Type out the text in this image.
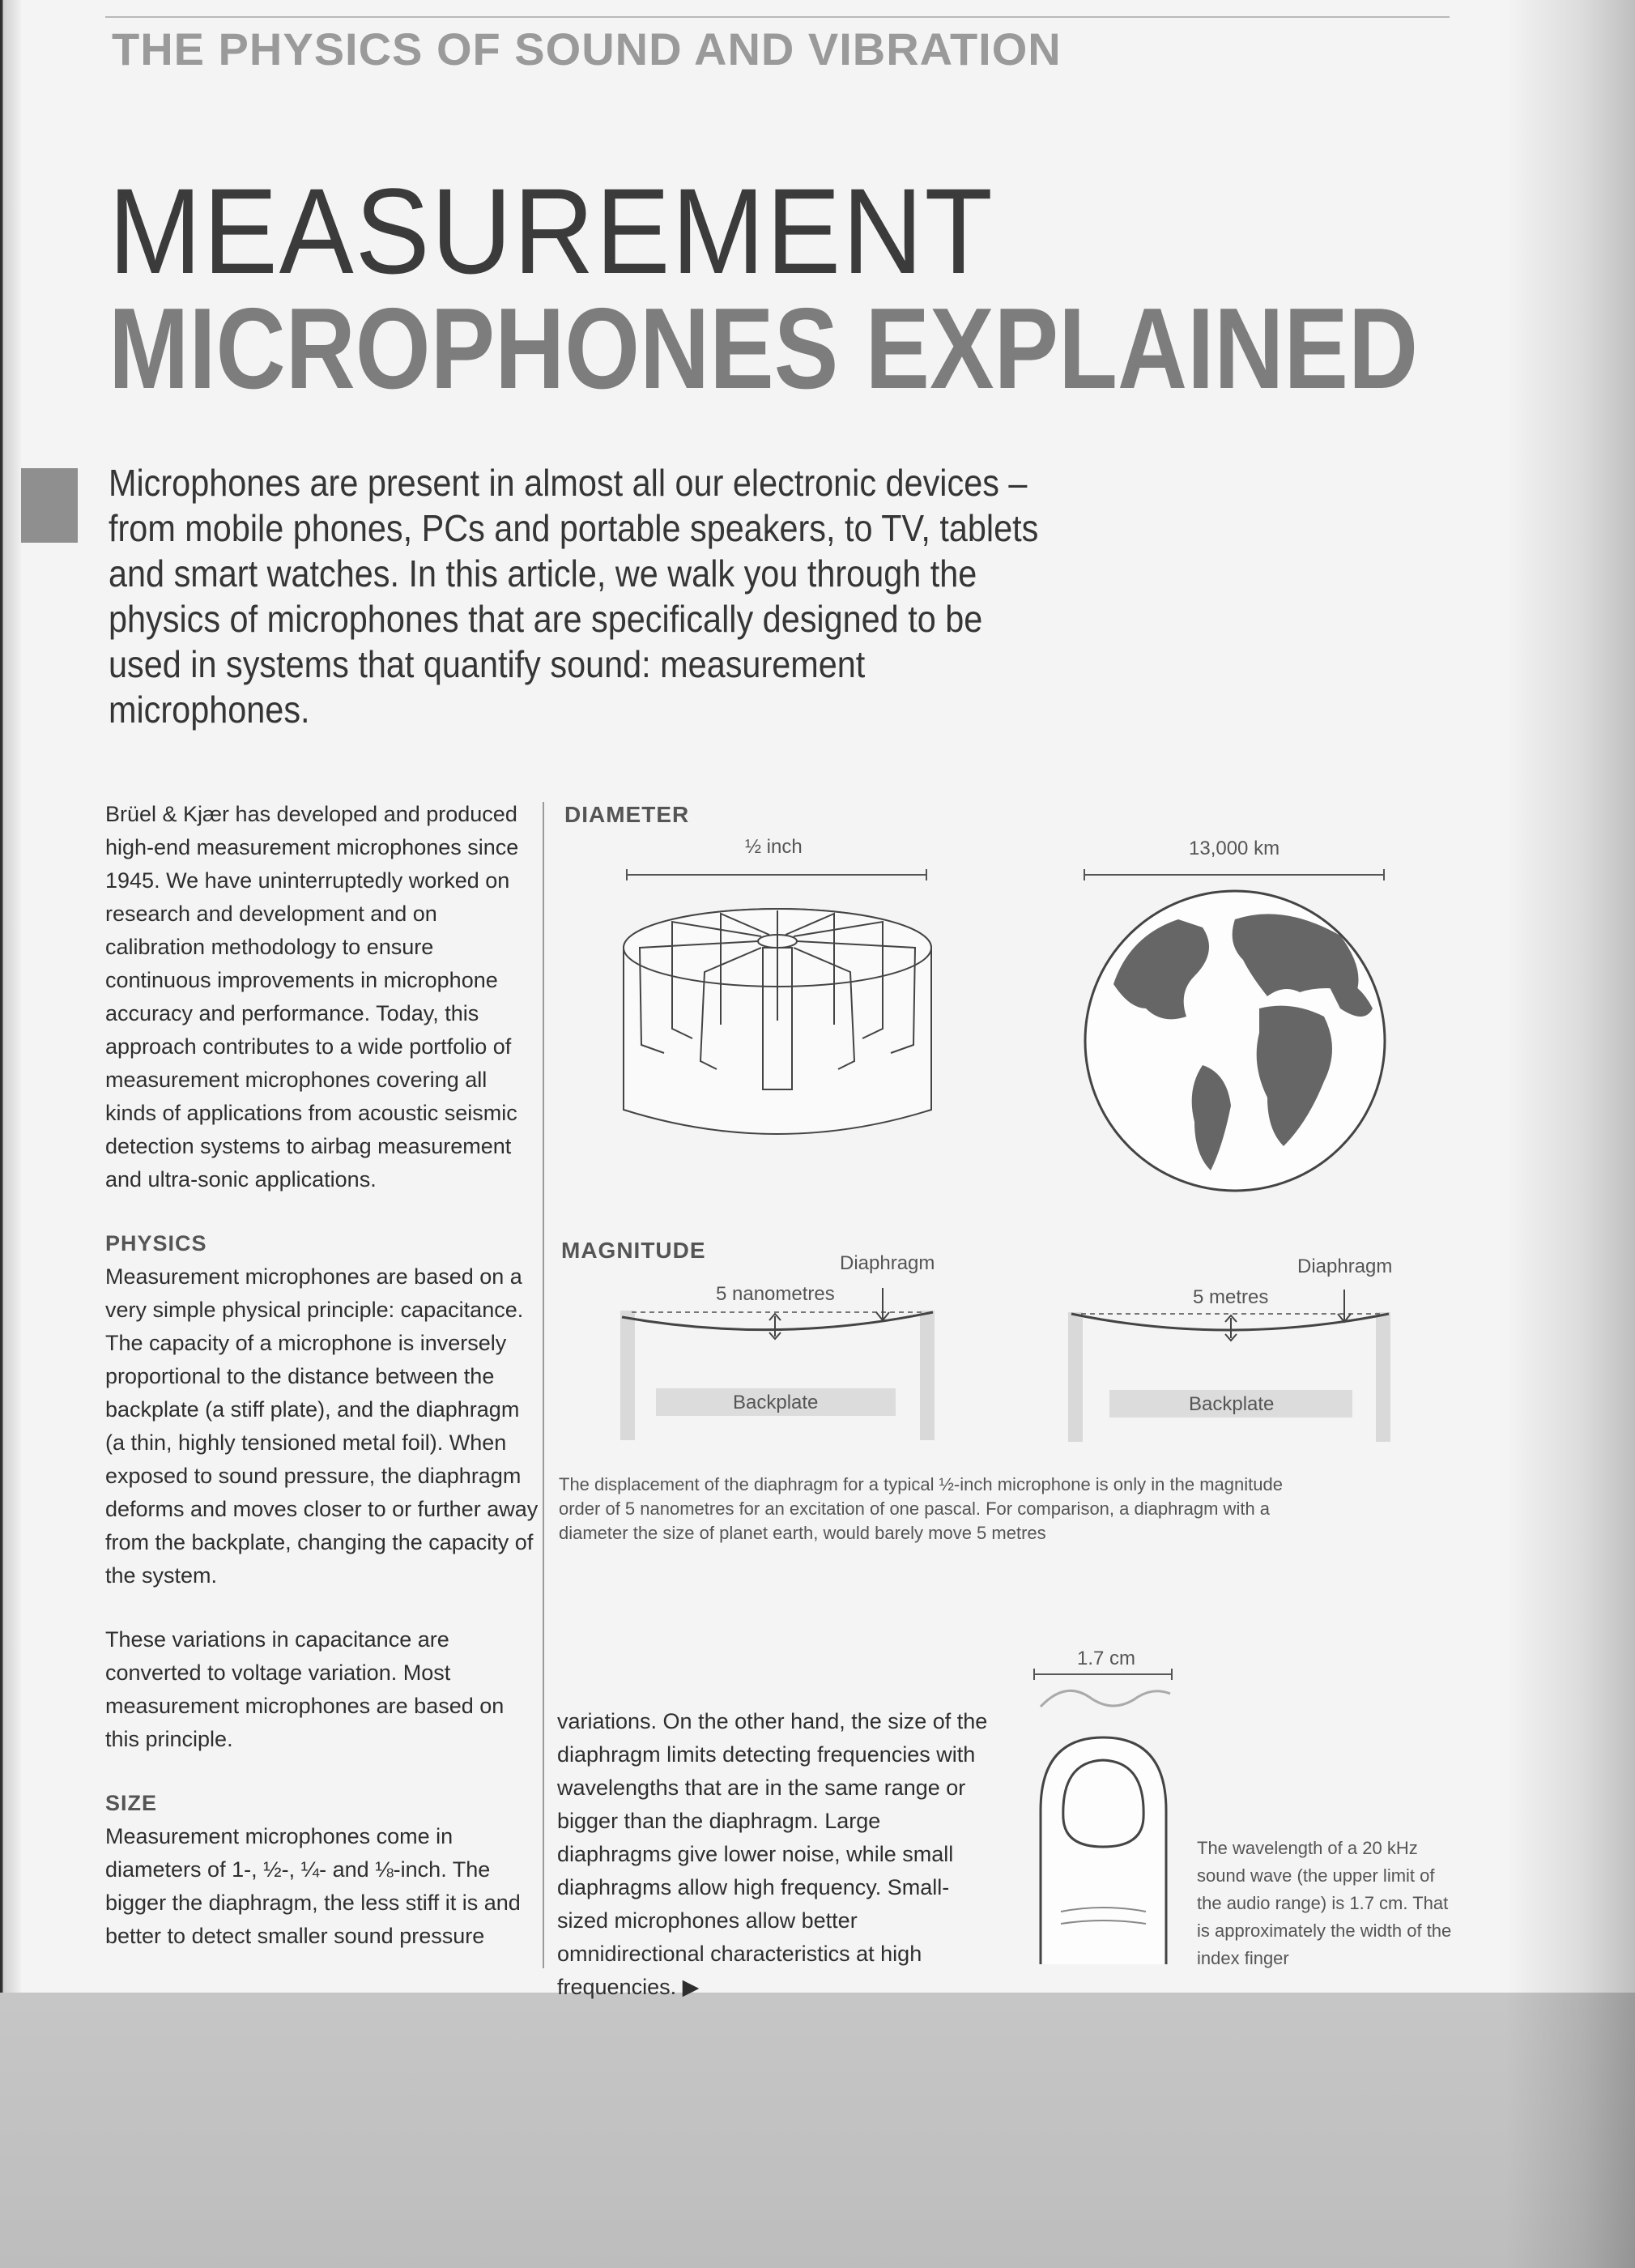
THE PHYSICS OF SOUND AND VIBRATION
MEASUREMENT
MICROPHONES EXPLAINED
Microphones are present in almost all our electronic devices – from mobile phones, PCs and portable speakers, to TV, tablets and smart watches. In this article, we walk you through the physics of microphones that are specifically designed to be used in systems that quantify sound: measurement microphones.

Brüel & Kjær has developed and produced high-end measurement microphones since 1945. We have uninterruptedly worked on research and development and on calibration methodology to ensure continuous improvements in microphone accuracy and performance. Today, this approach contributes to a wide portfolio of measurement microphones covering all kinds of applications from acoustic seismic detection systems to airbag measurement and ultra-sonic applications.

PHYSICS

Measurement microphones are based on a very simple physical principle: capacitance. The capacity of a microphone is inversely proportional to the distance between the backplate (a stiff plate), and the diaphragm (a thin, highly tensioned metal foil). When exposed to sound pressure, the diaphragm deforms and moves closer to or further away from the backplate, changing the capacity of the system.

These variations in capacitance are converted to voltage variation. Most measurement microphones are based on this principle.

SIZE

Measurement microphones come in diameters of 1-, ½-, ¼- and ⅛-inch. The bigger the diaphragm, the less stiff it is and better to detect smaller sound pressure

DIAMETER
½ inch	13,000 km
MAGNITUDE
Diaphragm
5 nanometres
Diaphragm
5 metres
Backplate	Backplate
The displacement of the diaphragm for a typical ½-inch microphone is only in the magnitude order of 5 nanometres for an excitation of one pascal. For comparison, a diaphragm with a diameter the size of planet earth, would barely move 5 metres
1.7 cm
variations. On the other hand, the size of the diaphragm limits detecting frequencies with wavelengths that are in the same range or bigger than the diaphragm. Large diaphragms give lower noise, while small diaphragms allow high frequency. Small-sized microphones allow better omnidirectional characteristics at high frequencies. ▶
The wavelength of a 20 kHz sound wave (the upper limit of the audio range) is 1.7 cm. That is approximately the width of the index finger
